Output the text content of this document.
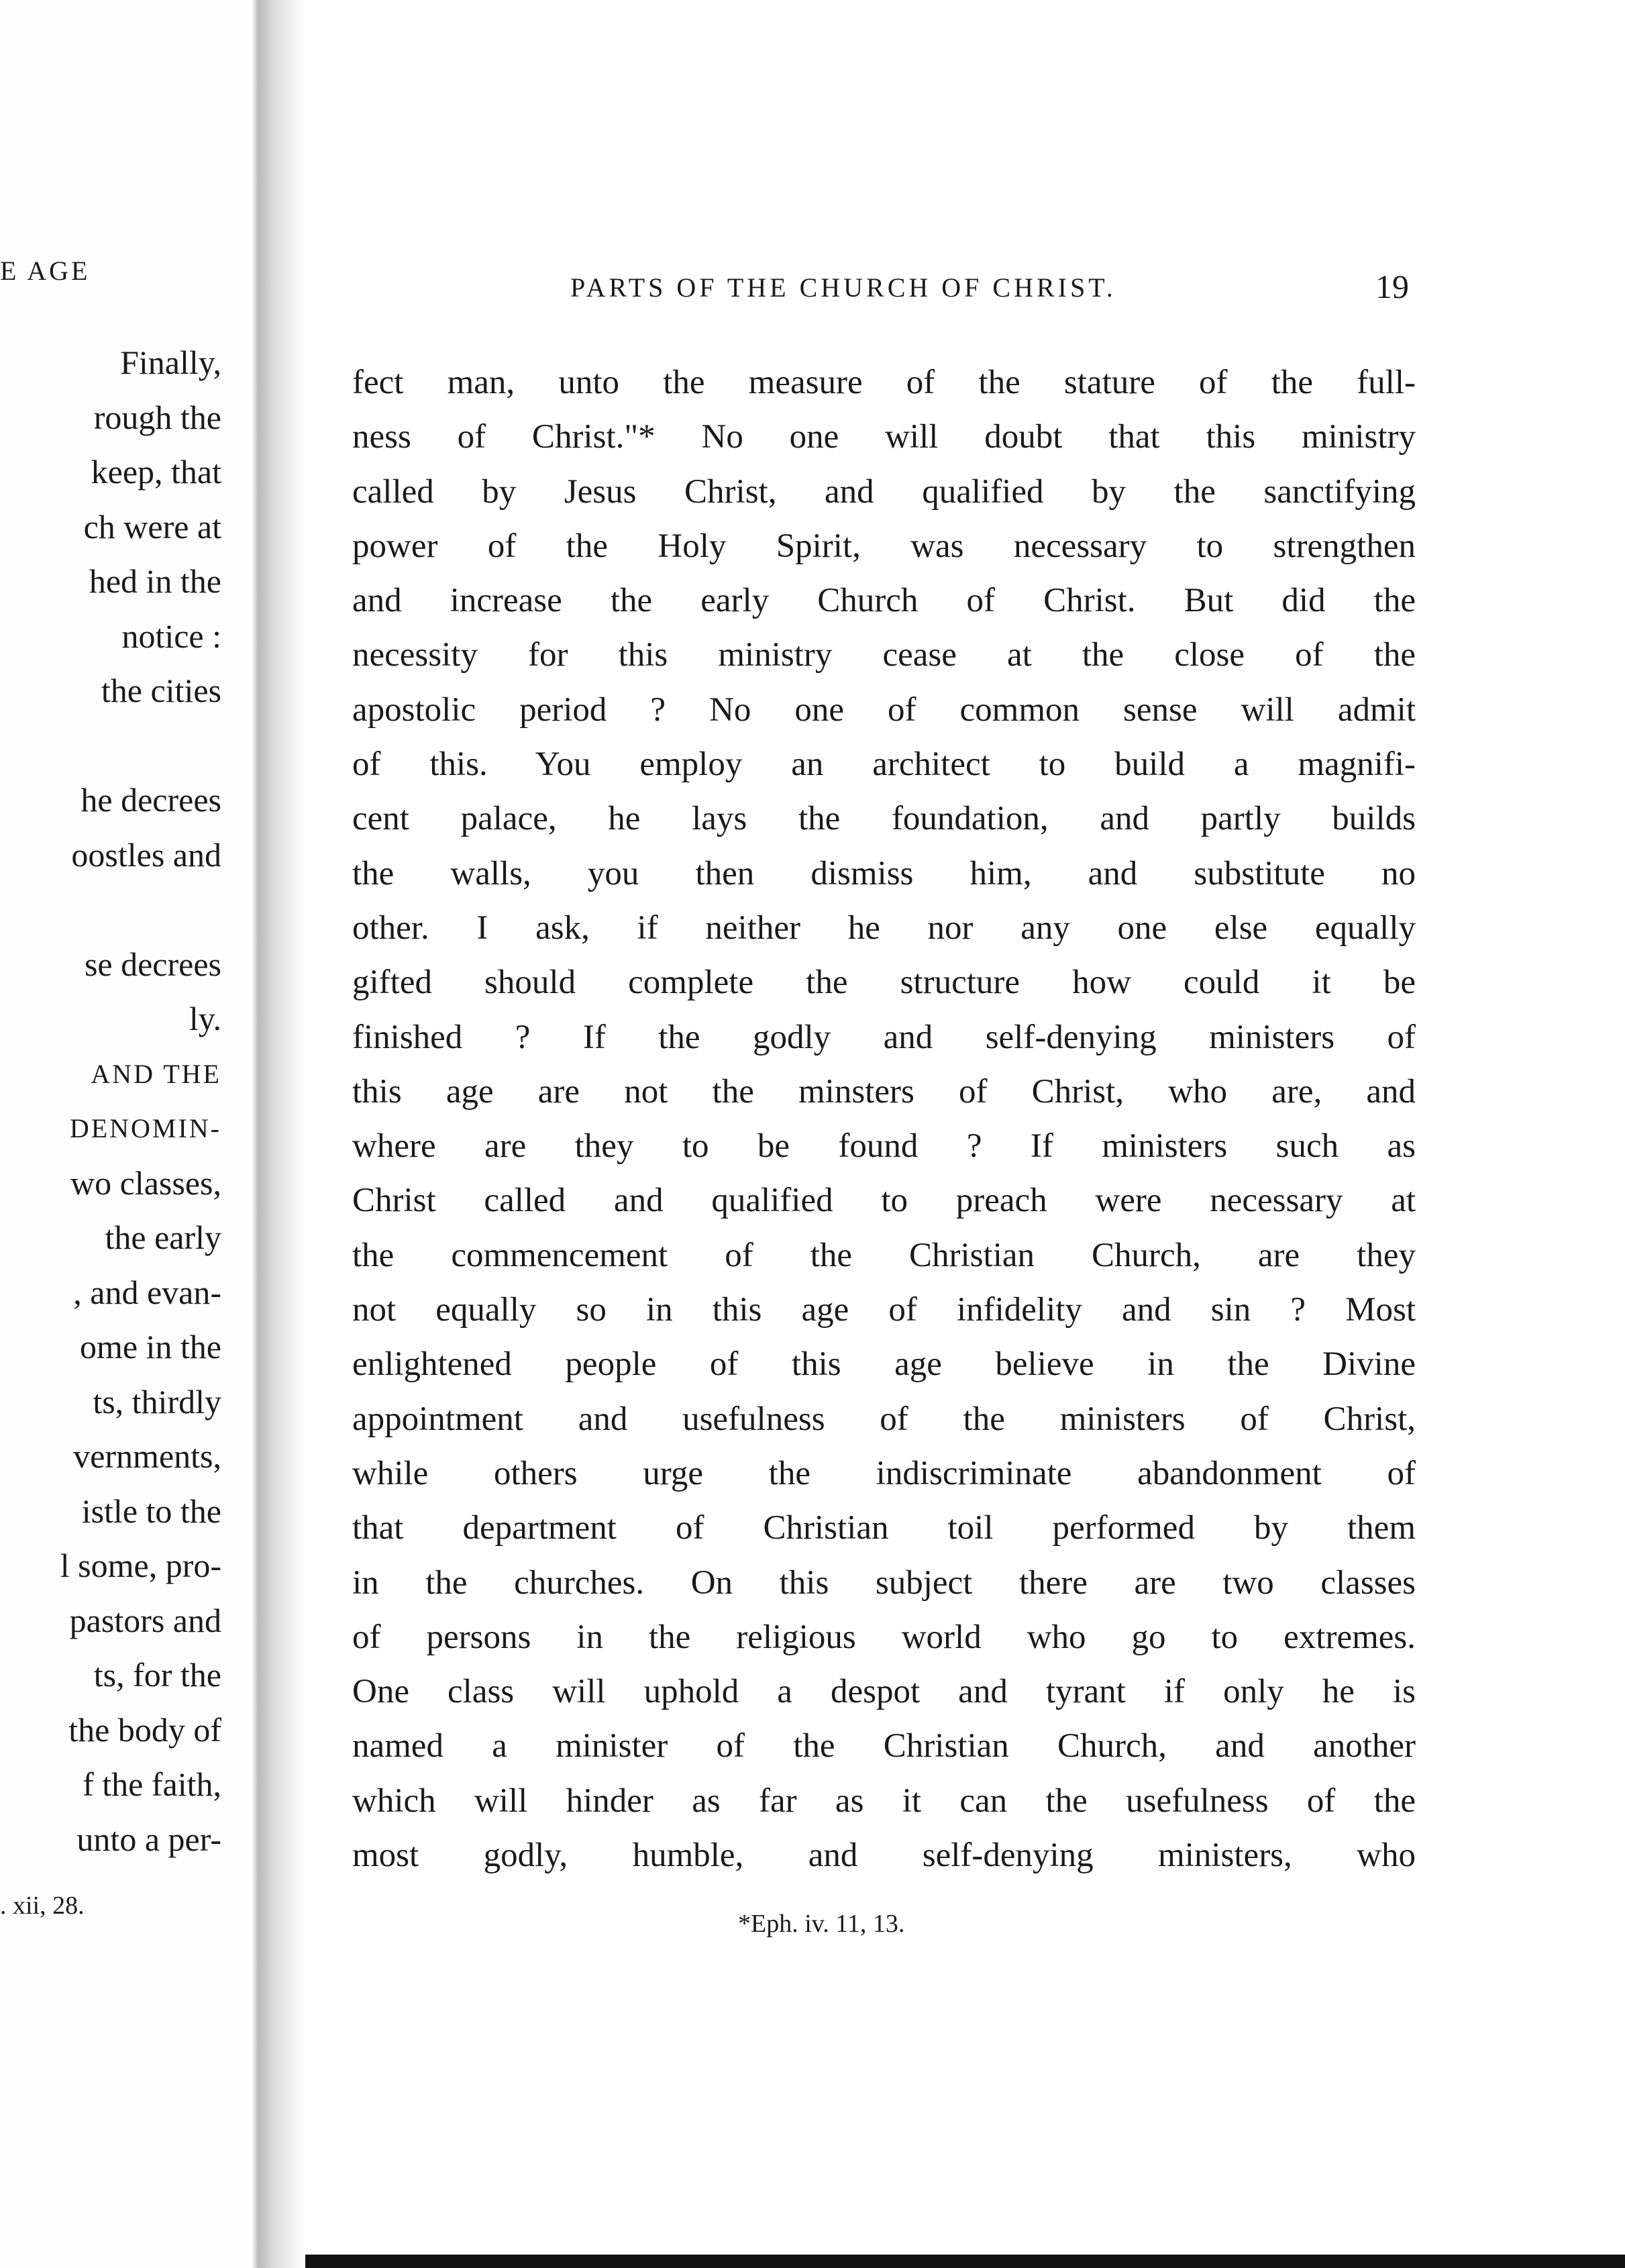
E AGE
Finally,
rough the
keep, that
ch were at
hed in the
notice :
the cities
he decrees
oostles and
se decrees
ly.
AND THE
DENOMIN-
wo classes,
the early
, and evan-
ome in the
ts, thirdly
vernments,
istle to the
l some, pro-
pastors and
ts, for the
the body of
f the faith,
unto a per-
. xii, 28.
PARTS OF THE CHURCH OF CHRIST.	19
fect man, unto the measure of the stature of the full-
ness of Christ."* No one will doubt that this ministry
called by Jesus Christ, and qualified by the sanctifying
power of the Holy Spirit, was necessary to strengthen
and increase the early Church of Christ. But did the
necessity for this ministry cease at the close of the
apostolic period ? No one of common sense will admit
of this. You employ an architect to build a magnifi-
cent palace, he lays the foundation, and partly builds
the walls, you then dismiss him, and substitute no
other. I ask, if neither he nor any one else equally
gifted should complete the structure how could it be
finished ? If the godly and self-denying ministers of
this age are not the minsters of Christ, who are, and
where are they to be found ? If ministers such as
Christ called and qualified to preach were necessary at
the commencement of the Christian Church, are they
not equally so in this age of infidelity and sin ? Most
enlightened people of this age believe in the Divine
appointment and usefulness of the ministers of Christ,
while others urge the indiscriminate abandonment of
that department of Christian toil performed by them
in the churches. On this subject there are two classes
of persons in the religious world who go to extremes.
One class will uphold a despot and tyrant if only he is
named a minister of the Christian Church, and another
which will hinder as far as it can the usefulness of the
most godly, humble, and self-denying ministers, who
*Eph. iv. 11, 13.
